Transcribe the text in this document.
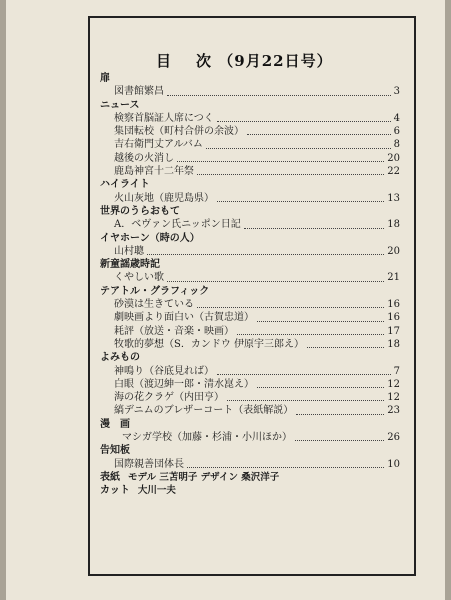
目 次 （9月22日号）
扉
図書館繁昌	3
ニュース
検察首脳証人席につく	4
集団転校（町村合併の余波）	6
吉右衛門丈アルバム	8
越後の火消し	20
鹿島神宮十二年祭	22
ハイライト
火山灰地（鹿児島県）	13
世界のうらおもて
A．ベヴァン氏ニッポン日記	18
イヤホーン（時の人）
山村聰	20
新童謡歳時記
くやしい歌	21
テアトル・グラフィック
砂漠は生きている	16
劇映画より面白い（古賀忠道）	16
耗評（放送・音楽・映画）	17
牧歌的夢想（S．カンドウ 伊原宇三郎え）	18
よみもの
神鳴り（谷底見れば）	7
白眼（渡辺紳一郎・清水崑え）	12
海の花クラゲ（内田亨）	12
縞デニムのブレザーコート（表紙解説）	23
漫　画
マシガ学校（加藤・杉浦・小川ほか）	26
告知板
国際親善団体長	10
表紙 モデル 三苫明子 デザイン 桑沢洋子
カット 大川一夫
